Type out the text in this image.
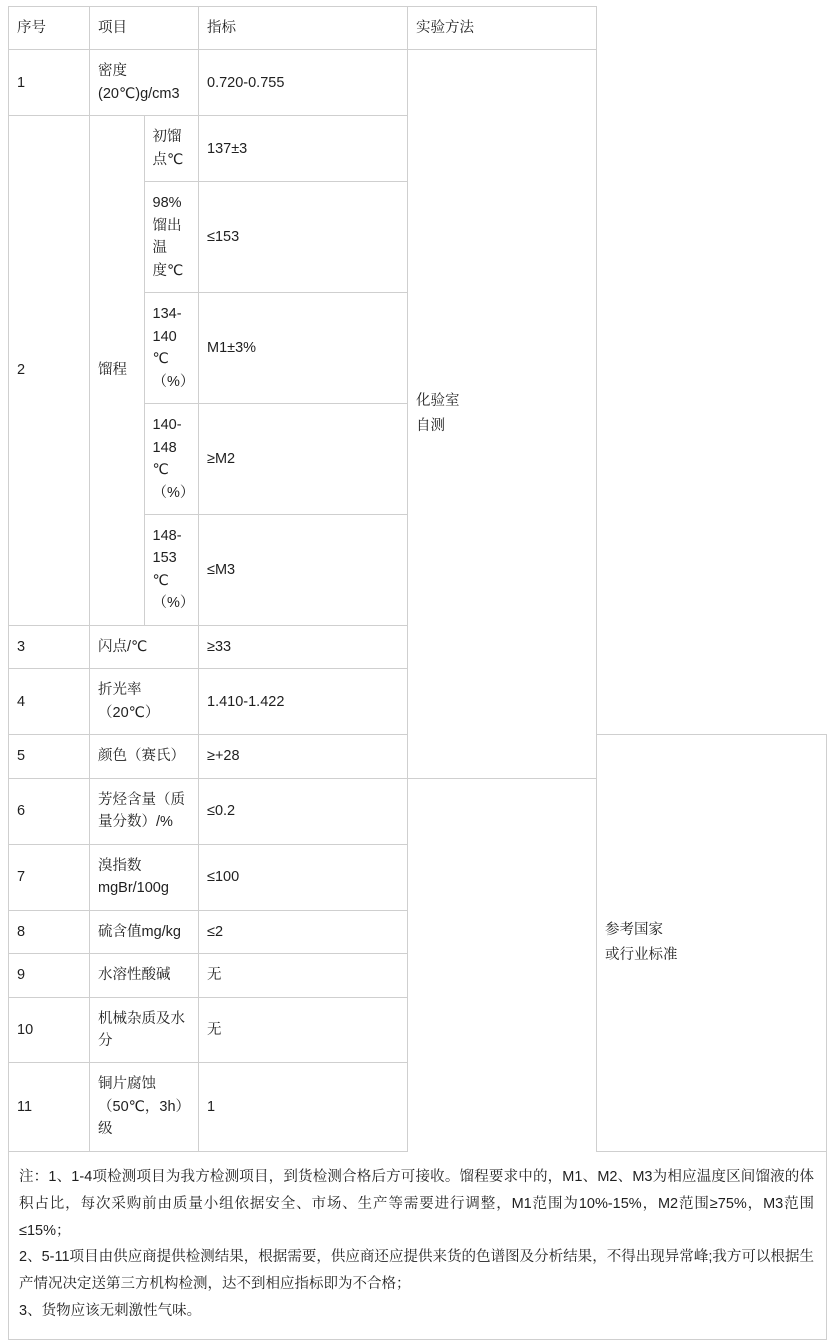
序号	项目		指标	实验方法	
1	密度(20℃)g/cm3		0.720-0.755	化验室
自测	

2	馏程	初馏点℃	137±3		
		98%馏出温度℃	≤153		
		134-140℃（%）	M1±3%		
		140-148℃（%）	≥M2		
		148-153℃（%）	≤M3		
3	闪点/℃		≥33		
4	折光率（20℃）		1.410-1.422		
5	颜色（赛氏）		≥+28		参考国家
或行业标准

6	芳烃含量（质量分数）/%		≤0.2		
7	溴指数mgBr/100g		≤100		
8	硫含值mg/kg		≤2		
9	水溶性酸碱		无		
10	机械杂质及水分		无		
11	铜片腐蚀（50℃，3h）级		1		

注：1、1-4项检测项目为我方检测项目，到货检测合格后方可接收。馏程要求中的，M1、M2、M3为相应温度区间馏液的体积占比，每次采购前由质量小组依据安全、市场、生产等需要进行调整，M1范围为10%-15%，M2范围≥75%，M3范围≤15%；

2、5-11项目由供应商提供检测结果，根据需要，供应商还应提供来货的色谱图及分析结果，不得出现异常峰;我方可以根据生产情况决定送第三方机构检测，达不到相应指标即为不合格；

3、货物应该无刺激性气味。
